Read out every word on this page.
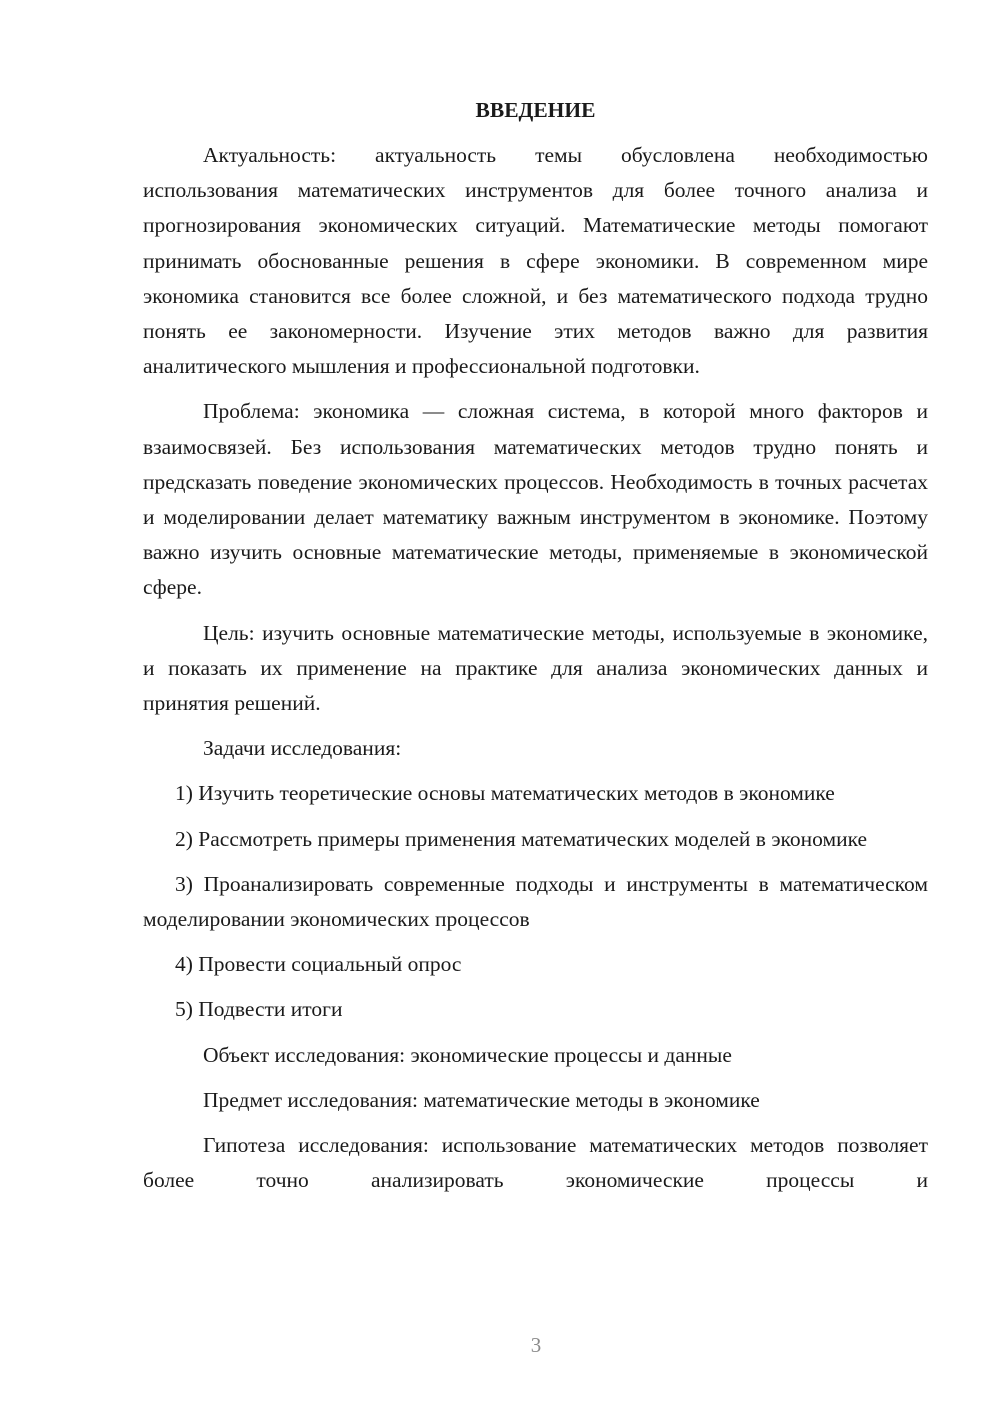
ВВЕДЕНИЕ

Актуальность: актуальность темы обусловлена необходимостью использования математических инструментов для более точного анализа и прогнозирования экономических ситуаций. Математические методы помогают принимать обоснованные решения в сфере экономики. В современном мире экономика становится все более сложной, и без математического подхода трудно понять ее закономерности. Изучение этих методов важно для развития аналитического мышления и профессиональной подготовки.

Проблема: экономика — сложная система, в которой много факторов и взаимосвязей. Без использования математических методов трудно понять и предсказать поведение экономических процессов. Необходимость в точных расчетах и моделировании делает математику важным инструментом в экономике. Поэтому важно изучить основные математические методы, применяемые в экономической сфере.

Цель: изучить основные математические методы, используемые в экономике, и показать их применение на практике для анализа экономических данных и принятия решений.

Задачи исследования:

1) Изучить теоретические основы математических методов в экономике

2) Рассмотреть примеры применения математических моделей в экономике

3) Проанализировать современные подходы и инструменты в математическом моделировании экономических процессов

4) Провести социальный опрос

5) Подвести итоги

Объект исследования: экономические процессы и данные

Предмет исследования: математические методы в экономике

Гипотеза исследования: использование математических методов позволяет более точно анализировать экономические процессы и

3
